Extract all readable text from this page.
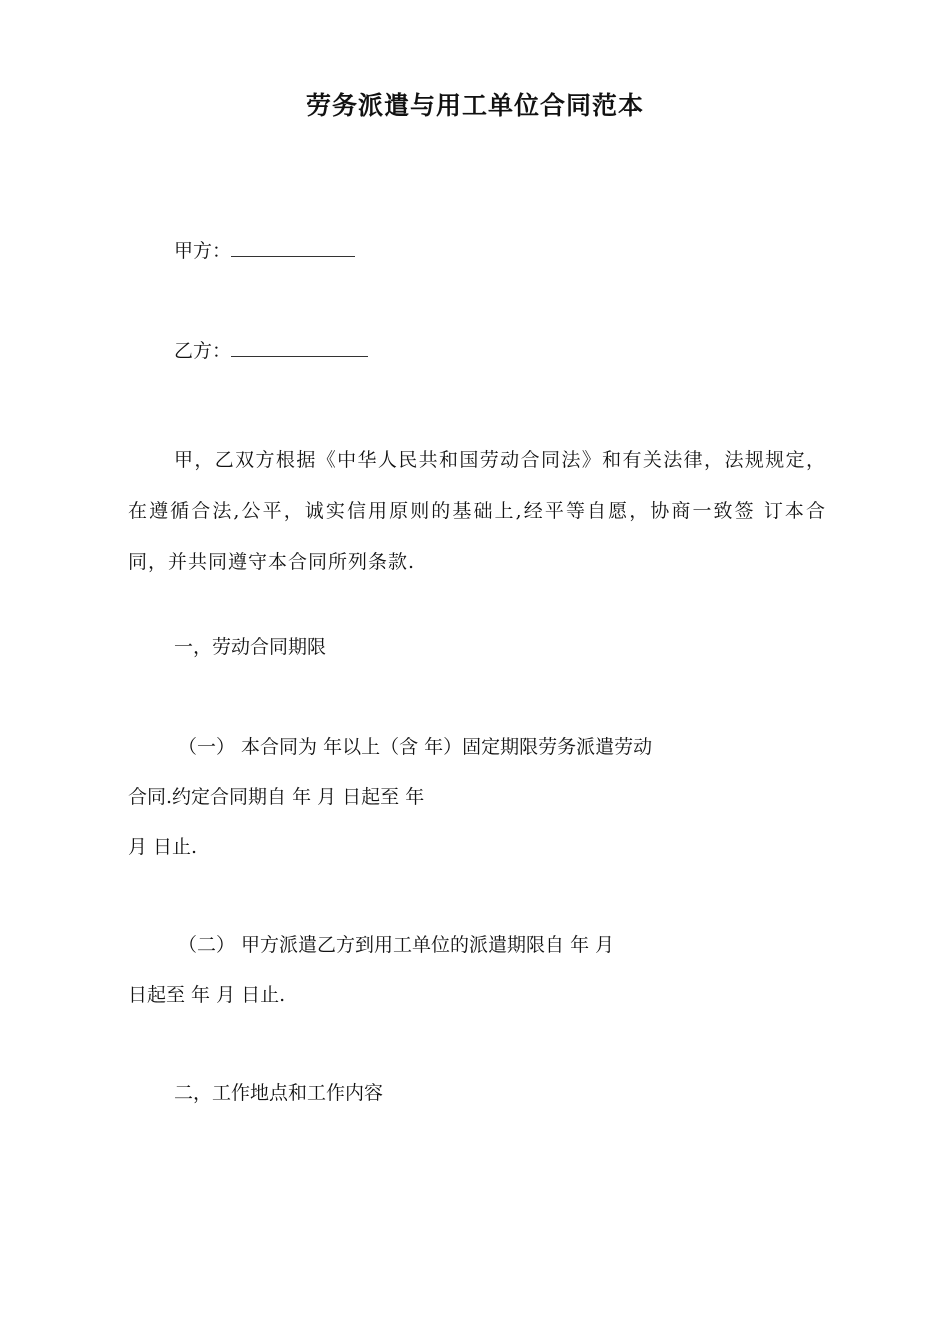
劳务派遣与用工单位合同范本
甲方：
乙方：
甲，乙双方根据《中华人民共和国劳动合同法》和有关法律，法规规定，在遵循合法,公平，诚实信用原则的基础上,经平等自愿，协商一致签 订本合同，并共同遵守本合同所列条款.
一，劳动合同期限
（一） 本合同为 年以上（含 年）固定期限劳务派遣劳动
合同.约定合同期自 年 月 日起至 年
月 日止.
（二） 甲方派遣乙方到用工单位的派遣期限自 年 月
日起至 年 月 日止.
二，工作地点和工作内容
